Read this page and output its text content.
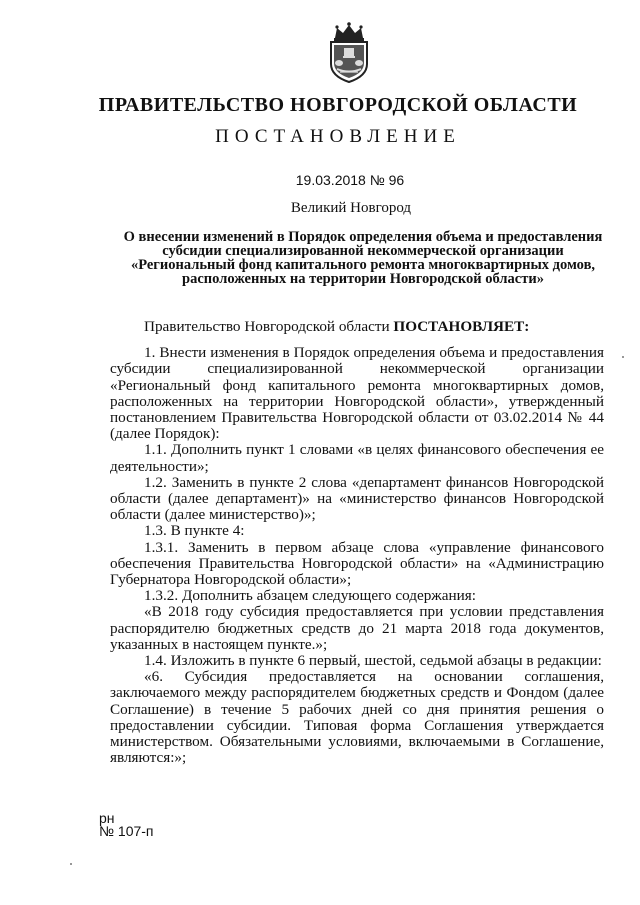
ПРАВИТЕЛЬСТВО НОВГОРОДСКОЙ ОБЛАСТИ
ПОСТАНОВЛЕНИЕ
19.03.2018 № 96
Великий Новгород
О внесении изменений в Порядок определения объема и предоставления субсидии специализированной некоммерческой организации «Региональный фонд капитального ремонта многоквартирных домов, расположенных на территории Новгородской области»

Правительство Новгородской области ПОСТАНОВЛЯЕТ:

1. Внести изменения в Порядок определения объема и предоставления субсидии специализированной некоммерческой организации «Региональный фонд капитального ремонта многоквартирных домов, расположенных на территории Новгородской области», утвержденный постановлением Правительства Новгородской области от 03.02.2014 № 44 (далее Порядок):

1.1. Дополнить пункт 1 словами «в целях финансового обеспечения ее деятельности»;

1.2. Заменить в пункте 2 слова «департамент финансов Новгородской области (далее департамент)» на «министерство финансов Новгородской области (далее министерство)»;

1.3. В пункте 4:

1.3.1. Заменить в первом абзаце слова «управление финансового обеспечения Правительства Новгородской области» на «Администрацию Губернатора Новгородской области»;

1.3.2. Дополнить абзацем следующего содержания:

«В 2018 году субсидия предоставляется при условии представления распорядителю бюджетных средств до 21 марта 2018 года документов, указанных в настоящем пункте.»;

1.4. Изложить в пункте 6 первый, шестой, седьмой абзацы в редакции:

«6. Субсидия предоставляется на основании соглашения, заключаемого между распорядителем бюджетных средств и Фондом (далее Соглашение) в течение 5 рабочих дней со дня принятия решения о предоставлении субсидии. Типовая форма Соглашения утверждается министерством. Обязательными условиями, включаемыми в Соглашение, являются:»;

рн
№ 107-п
